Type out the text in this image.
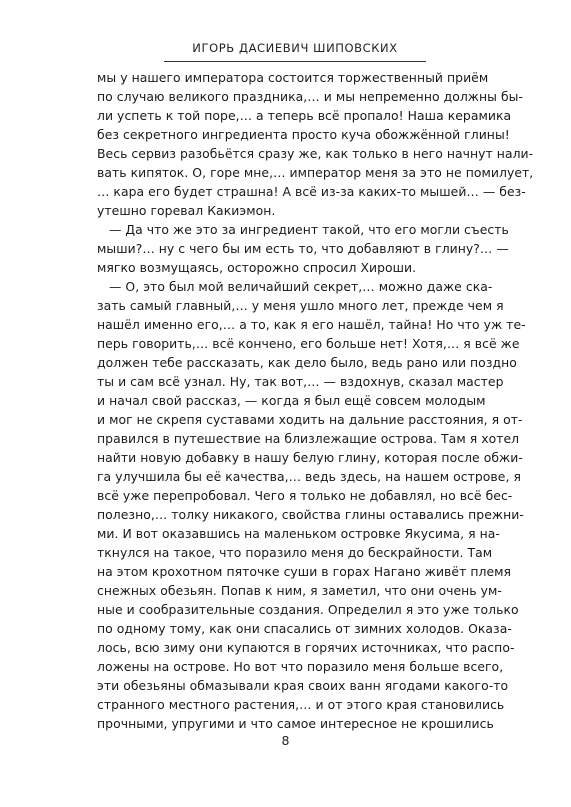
ИГОРЬ ДАСИЕВИЧ ШИПОВСКИХ
мы у нашего императора состоится торжественный приём
по случаю великого праздника,… и мы непременно должны бы-
ли успеть к той поре,… а теперь всё пропало! Наша керамика
без секретного ингредиента просто куча обожжённой глины!
Весь сервиз разобьётся сразу же, как только в него начнут нали-
вать кипяток. О, горе мне,… император меня за это не помилует,
… кара его будет страшна! А всё из-за каких-то мышей… — без-
утешно горевал Какиэмон.
— Да что же это за ингредиент такой, что его могли съесть
мыши?… ну с чего бы им есть то, что добавляют в глину?… —
мягко возмущаясь, осторожно спросил Хироши.
— О, это был мой величайший секрет,… можно даже ска-
зать самый главный,… у меня ушло много лет, прежде чем я
нашёл именно его,… а то, как я его нашёл, тайна! Но что уж те-
перь говорить,… всё кончено, его больше нет! Хотя,… я всё же
должен тебе рассказать, как дело было, ведь рано или поздно
ты и сам всё узнал. Ну, так вот,… — вздохнув, сказал мастер
и начал свой рассказ, — когда я был ещё совсем молодым
и мог не скрепя суставами ходить на дальние расстояния, я от-
правился в путешествие на близлежащие острова. Там я хотел
найти новую добавку в нашу белую глину, которая после обжи-
га улучшила бы её качества,… ведь здесь, на нашем острове, я
всё уже перепробовал. Чего я только не добавлял, но всё бес-
полезно,… толку никакого, свойства глины оставались прежни-
ми. И вот оказавшись на маленьком островке Якусима, я на-
ткнулся на такое, что поразило меня до бескрайности. Там
на этом крохотном пяточке суши в горах Нагано живёт племя
снежных обезьян. Попав к ним, я заметил, что они очень ум-
ные и сообразительные создания. Определил я это уже только
по одному тому, как они спасались от зимних холодов. Оказа-
лось, всю зиму они купаются в горячих источниках, что распо-
ложены на острове. Но вот что поразило меня больше всего,
эти обезьяны обмазывали края своих ванн ягодами какого-то
странного местного растения,… и от этого края становились
прочными, упругими и что самое интересное не крошились
8
